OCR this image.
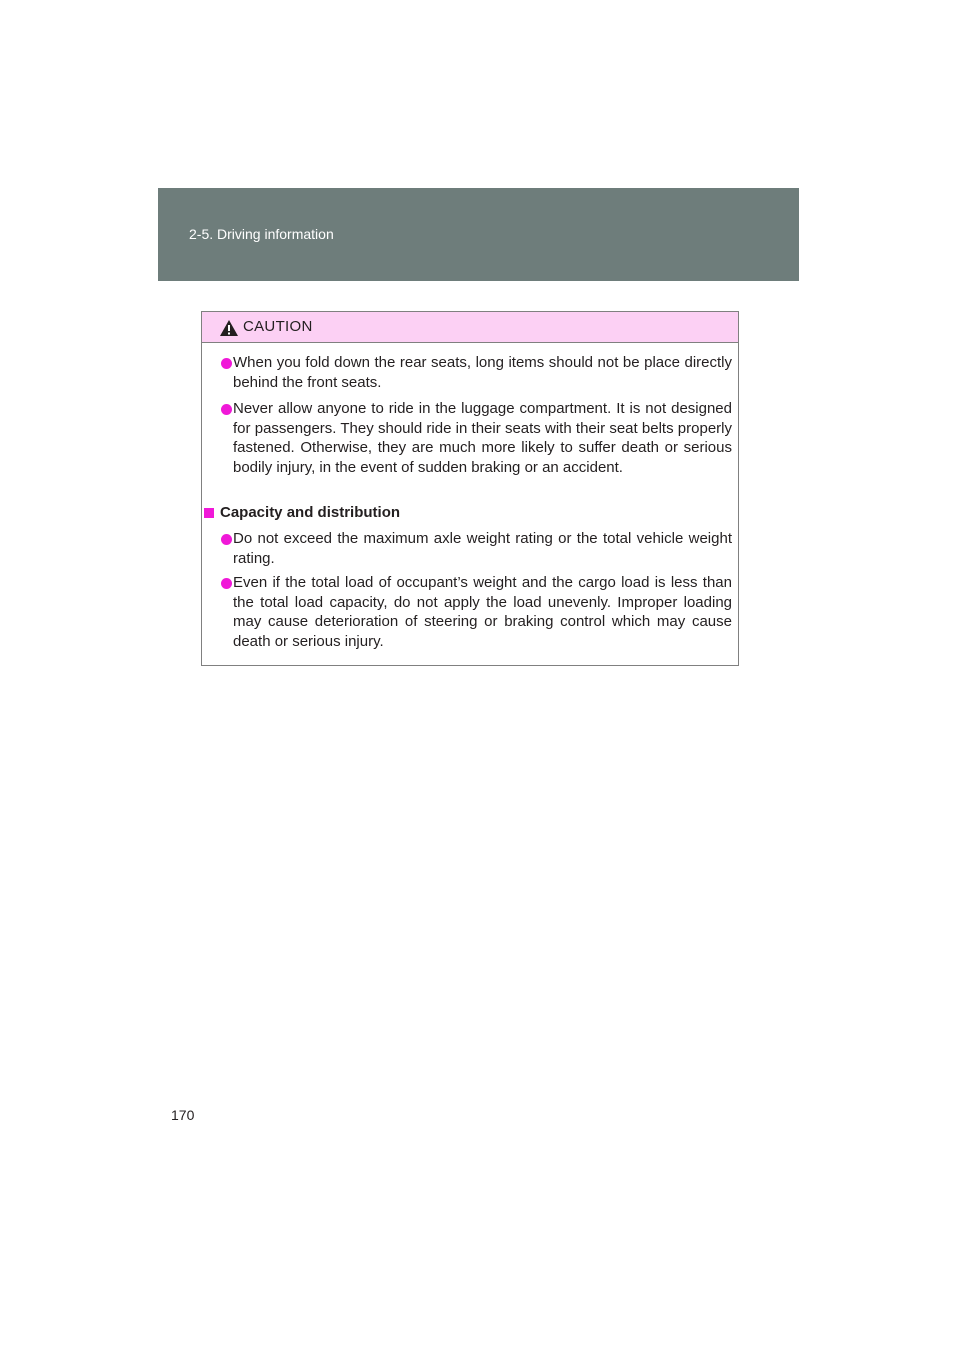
2-5. Driving information
CAUTION
When you fold down the rear seats, long items should not be place directly behind the front seats.
Never allow anyone to ride in the luggage compartment. It is not designed for passengers. They should ride in their seats with their seat belts properly fastened. Otherwise, they are much more likely to suffer death or serious bodily injury, in the event of sudden braking or an accident.
Capacity and distribution
Do not exceed the maximum axle weight rating or the total vehicle weight rating.
Even if the total load of occupant’s weight and the cargo load is less than the total load capacity, do not apply the load unevenly. Improper loading may cause deterioration of steering or braking control which may cause death or serious injury.
170
